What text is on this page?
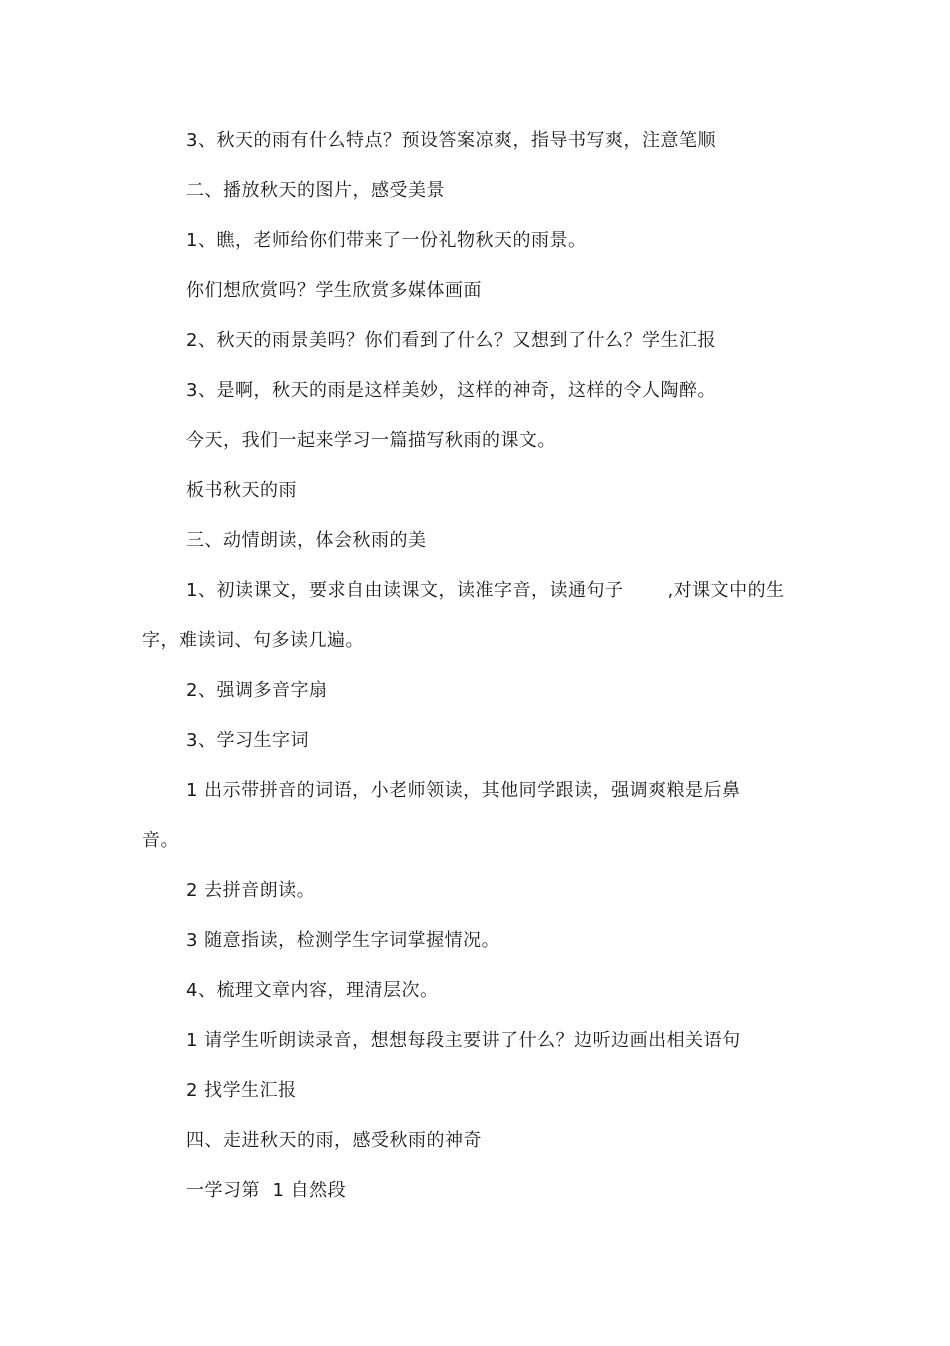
3、秋天的雨有什么特点？预设答案凉爽，指导书写爽，注意笔顺
二、播放秋天的图片，感受美景
1、瞧，老师给你们带来了一份礼物秋天的雨景。
你们想欣赏吗？学生欣赏多媒体画面
2、秋天的雨景美吗？你们看到了什么？又想到了什么？学生汇报
3、是啊，秋天的雨是这样美妙，这样的神奇，这样的令人陶醉。
今天，我们一起来学习一篇描写秋雨的课文。
板书秋天的雨
三、动情朗读，体会秋雨的美
1、初读课文，要求自由读课文，读准字音，读通句子 ,对课文中的生
字，难读词、句多读几遍。
2、强调多音字扇
3、学习生字词
1 出示带拼音的词语，小老师领读，其他同学跟读，强调爽粮是后鼻
音。
2 去拼音朗读。
3 随意指读，检测学生字词掌握情况。
4、梳理文章内容，理清层次。
1 请学生听朗读录音，想想每段主要讲了什么？边听边画出相关语句
2 找学生汇报
四、走进秋天的雨，感受秋雨的神奇
一学习第  1 自然段
